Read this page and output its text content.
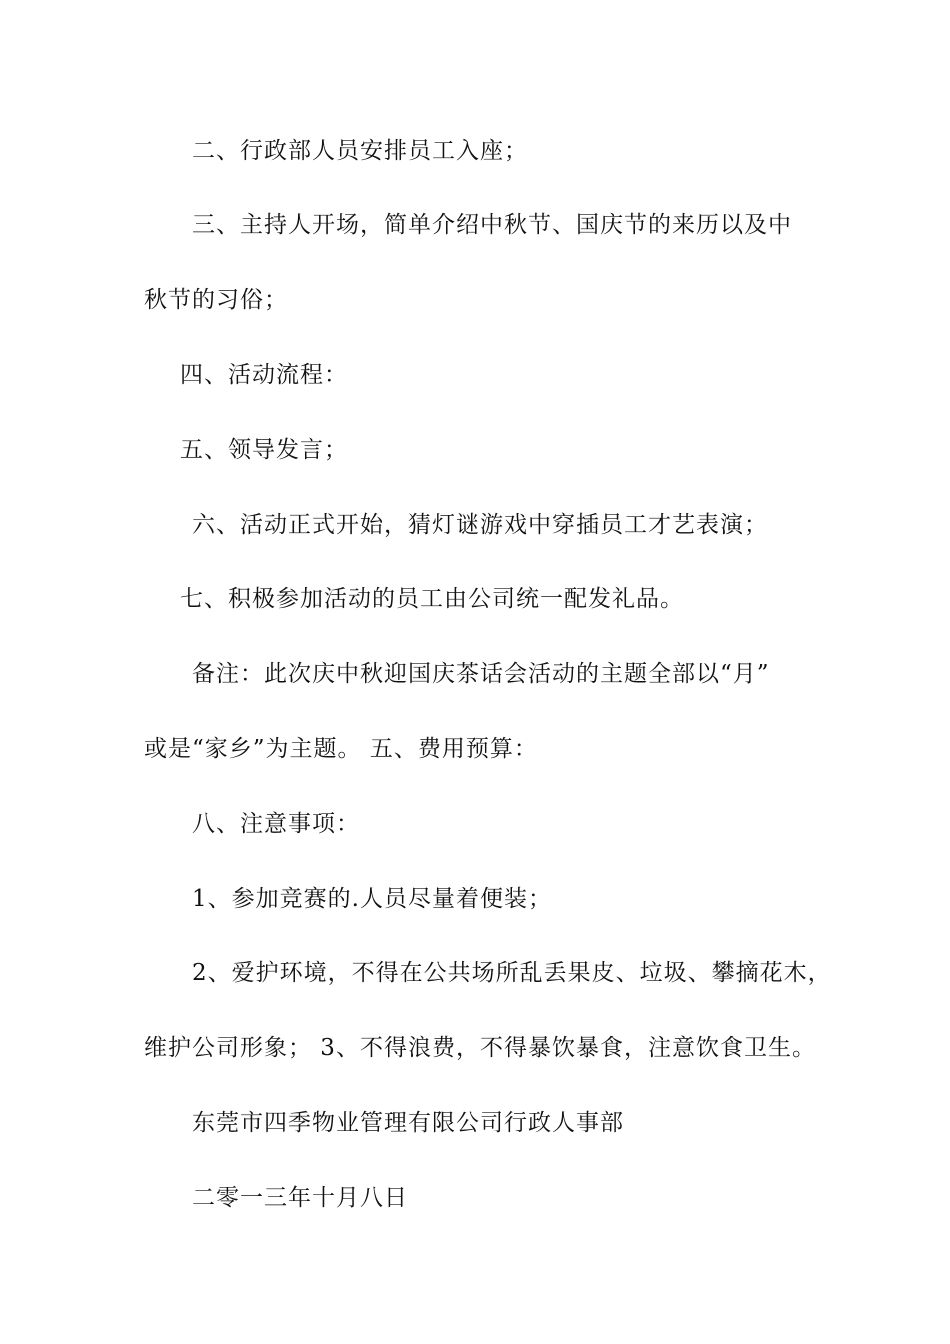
二、行政部人员安排员工入座；
三、主持人开场，简单介绍中秋节、国庆节的来历以及中
秋节的习俗；
四、活动流程：
五、领导发言；
六、活动正式开始，猜灯谜游戏中穿插员工才艺表演；
七、积极参加活动的员工由公司统一配发礼品。
备注：此次庆中秋迎国庆茶话会活动的主题全部以“月”
或是“家乡”为主题。 五、费用预算：
八、注意事项：
1、参加竞赛的.人员尽量着便装；
2、爱护环境，不得在公共场所乱丢果皮、垃圾、攀摘花木，
维护公司形象； 3、不得浪费，不得暴饮暴食，注意饮食卫生。
东莞市四季物业管理有限公司行政人事部
二零一三年十月八日
